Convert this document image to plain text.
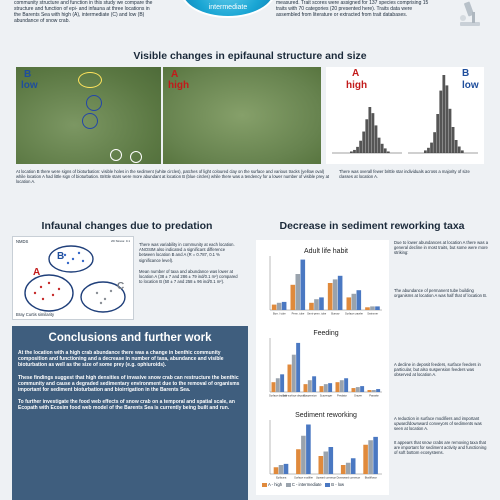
community structure and function in this study we compare the structure and function of epi- and infauna at three locations in the Barents Sea with high (A), intermediate (C) and low (B) abundance of snow crab.
intermediate
measured. Trait scores were assigned for 137 species comprising 15 traits with 70 categories (20 presented here). Traits data were assembled from literature or extracted from trait databases.
Visible changes in epifaunal structure and size
B
low
A
high
A
high
B
low
At location B there were signs of bioturbation: visible holes in the sediment (white circles), patches of light coloured clay on the surface and various tracks (yellow oval) while location A had little sign of bioturbation. Brittle stars were more abundant at location B (blue circles) while there was a tendency for a lower number of visible prey at location A.
There was overall fewer brittle star individuals across a majority of size classes at location A.
Infaunal changes due to predation
NMDS	2D Stress: 0.1
B
A
C
Bray Curtis similarity
There was variability in community at each location. ANOSIM also indicated a significant difference between location B and A (R = 0.787, 0.1 % significance level).
Mean number of taxa and abundance was lower at location A (38 ± 7 and 286 ± 79 ind/0.1 m²) compared to location B (50 ± 7 and 258 ± 96 ind/0.1 m²).
Conclusions and further work

At the location with a high crab abundance there was a change in benthic community composition and functioning and a decrease in number of taxa, abundance and visible bioturbation as well as the size of some prey (e.g. ophiuroids).

These findings suggest that high densities of invasive snow crab can restructure the benthic community and cause a degraded sedimentary environment due to the removal of organisms important for sediment bioturbation and bioirrigation in the Barents Sea.

To further investigate the food web effects of snow crab on a temporal and spatial scale, an Ecopath with Ecosim food web model of the Barents Sea is currently being built and run.

Decrease in sediment reworking taxa
Adult life habit
Burr. / tube Perm. tube Semi-perm. tube Burrow Surface crawler Swimmer
Feeding
Surface deposit
Sub-surface deposit
Suspension Scavenger Predator	Grazer	Parasite
Sediment reworking
Epifauna	Surface modifier Upward conveyor Downward conveyor Biodiffusor
A - high C - intermediate B - low
Due to lower abundances at location A there was a general decline in most traits, but some were more striking:
The abundance of permanent tube building organisms at location A was half that of location B.
A decline in deposit feeders, surface feeders in particular, but also suspension feeders was observed at location A.
A reduction in surface modifiers and important upward/downward conveyors of sediments was seen at location A.
It appears that snow crabs are removing taxa that are important for sediment activity and functioning of soft bottom ecosystems.
